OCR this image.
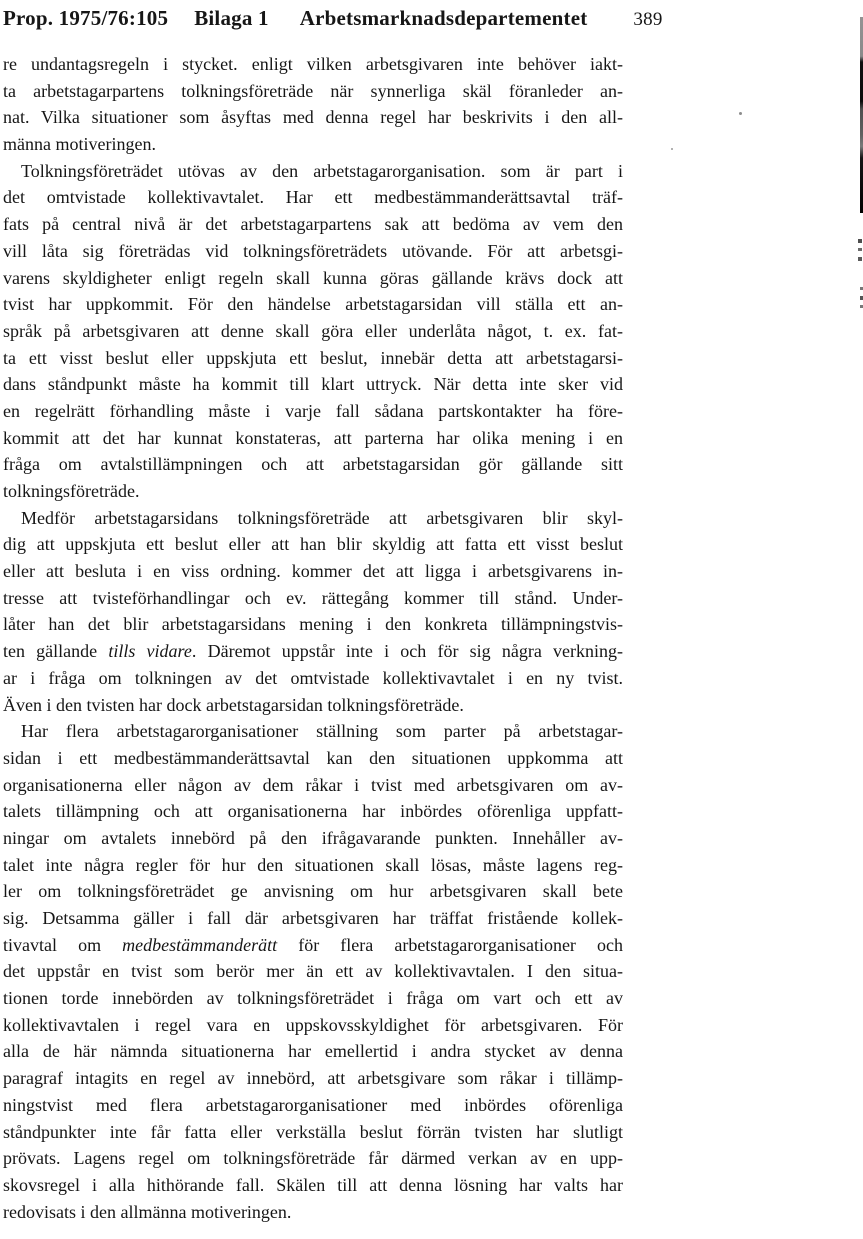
Prop. 1975/76:105 Bilaga 1 Arbetsmarknadsdepartementet 389
re undantagsregeln i stycket. enligt vilken arbetsgivaren inte behöver iakt-
ta arbetstagarpartens tolkningsföreträde när synnerliga skäl föranleder an-
nat. Vilka situationer som åsyftas med denna regel har beskrivits i den all-
männa motiveringen.
Tolkningsföreträdet utövas av den arbetstagarorganisation. som är part i
det omtvistade kollektivavtalet. Har ett medbestämmanderättsavtal träf-
fats på central nivå är det arbetstagarpartens sak att bedöma av vem den
vill låta sig företrädas vid tolkningsföreträdets utövande. För att arbetsgi-
varens skyldigheter enligt regeln skall kunna göras gällande krävs dock att
tvist har uppkommit. För den händelse arbetstagarsidan vill ställa ett an-
språk på arbetsgivaren att denne skall göra eller underlåta något, t. ex. fat-
ta ett visst beslut eller uppskjuta ett beslut, innebär detta att arbetstagarsi-
dans ståndpunkt måste ha kommit till klart uttryck. När detta inte sker vid
en regelrätt förhandling måste i varje fall sådana partskontakter ha före-
kommit att det har kunnat konstateras, att parterna har olika mening i en
fråga om avtalstillämpningen och att arbetstagarsidan gör gällande sitt
tolkningsföreträde.
Medför arbetstagarsidans tolkningsföreträde att arbetsgivaren blir skyl-
dig att uppskjuta ett beslut eller att han blir skyldig att fatta ett visst beslut
eller att besluta i en viss ordning. kommer det att ligga i arbetsgivarens in-
tresse att tvisteförhandlingar och ev. rättegång kommer till stånd. Under-
låter han det blir arbetstagarsidans mening i den konkreta tillämpningstvis-
ten gällande tills vidare. Däremot uppstår inte i och för sig några verkning-
ar i fråga om tolkningen av det omtvistade kollektivavtalet i en ny tvist.
Även i den tvisten har dock arbetstagarsidan tolkningsföreträde.
Har flera arbetstagarorganisationer ställning som parter på arbetstagar-
sidan i ett medbestämmanderättsavtal kan den situationen uppkomma att
organisationerna eller någon av dem råkar i tvist med arbetsgivaren om av-
talets tillämpning och att organisationerna har inbördes oförenliga uppfatt-
ningar om avtalets innebörd på den ifrågavarande punkten. Innehåller av-
talet inte några regler för hur den situationen skall lösas, måste lagens reg-
ler om tolkningsföreträdet ge anvisning om hur arbetsgivaren skall bete
sig. Detsamma gäller i fall där arbetsgivaren har träffat fristående kollek-
tivavtal om medbestämmanderätt för flera arbetstagarorganisationer och
det uppstår en tvist som berör mer än ett av kollektivavtalen. I den situa-
tionen torde innebörden av tolkningsföreträdet i fråga om vart och ett av
kollektivavtalen i regel vara en uppskovsskyldighet för arbetsgivaren. För
alla de här nämnda situationerna har emellertid i andra stycket av denna
paragraf intagits en regel av innebörd, att arbetsgivare som råkar i tillämp-
ningstvist med flera arbetstagarorganisationer med inbördes oförenliga
ståndpunkter inte får fatta eller verkställa beslut förrän tvisten har slutligt
prövats. Lagens regel om tolkningsföreträde får därmed verkan av en upp-
skovsregel i alla hithörande fall. Skälen till att denna lösning har valts har
redovisats i den allmänna motiveringen.
